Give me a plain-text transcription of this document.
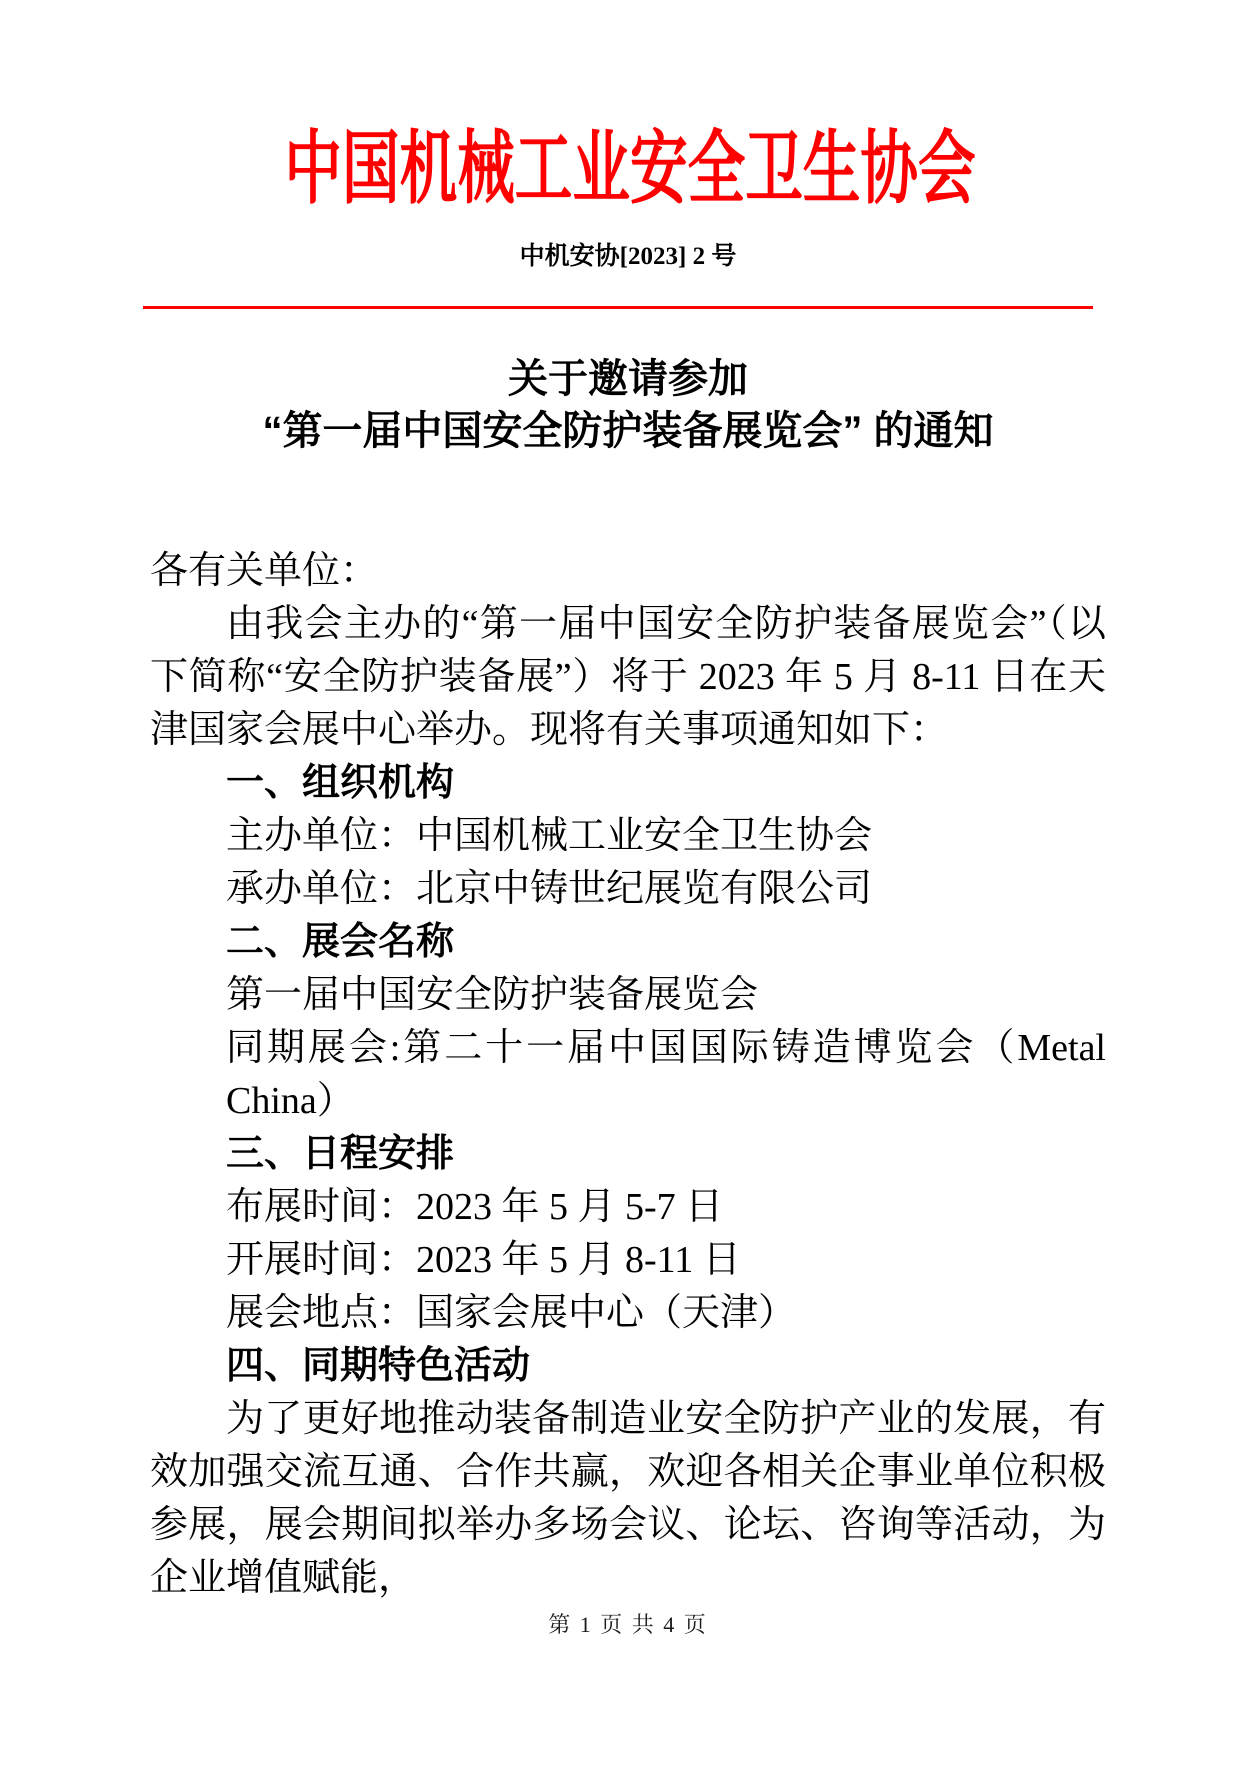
中国机械工业安全卫生协会
中机安协[2023] 2 号
关于邀请参加
“第一届中国安全防护装备展览会” 的通知
各有关单位：

由我会主办的“第一届中国安全防护装备展览会”（以下简称“安全防护装备展”）将于 2023 年 5 月 8-11 日在天津国家会展中心举办。现将有关事项通知如下：

一、组织机构
主办单位：中国机械工业安全卫生协会
承办单位：北京中铸世纪展览有限公司
二、展会名称
第一届中国安全防护装备展览会
同期展会:第二十一届中国国际铸造博览会（Metal China）
三、日程安排
布展时间：2023 年 5 月 5-7 日
开展时间：2023 年 5 月 8-11 日
展会地点：国家会展中心（天津）
四、同期特色活动

为了更好地推动装备制造业安全防护产业的发展，有效加强交流互通、合作共赢，欢迎各相关企事业单位积极参展，展会期间拟举办多场会议、论坛、咨询等活动，为企业增值赋能，

第 1 页 共 4 页
